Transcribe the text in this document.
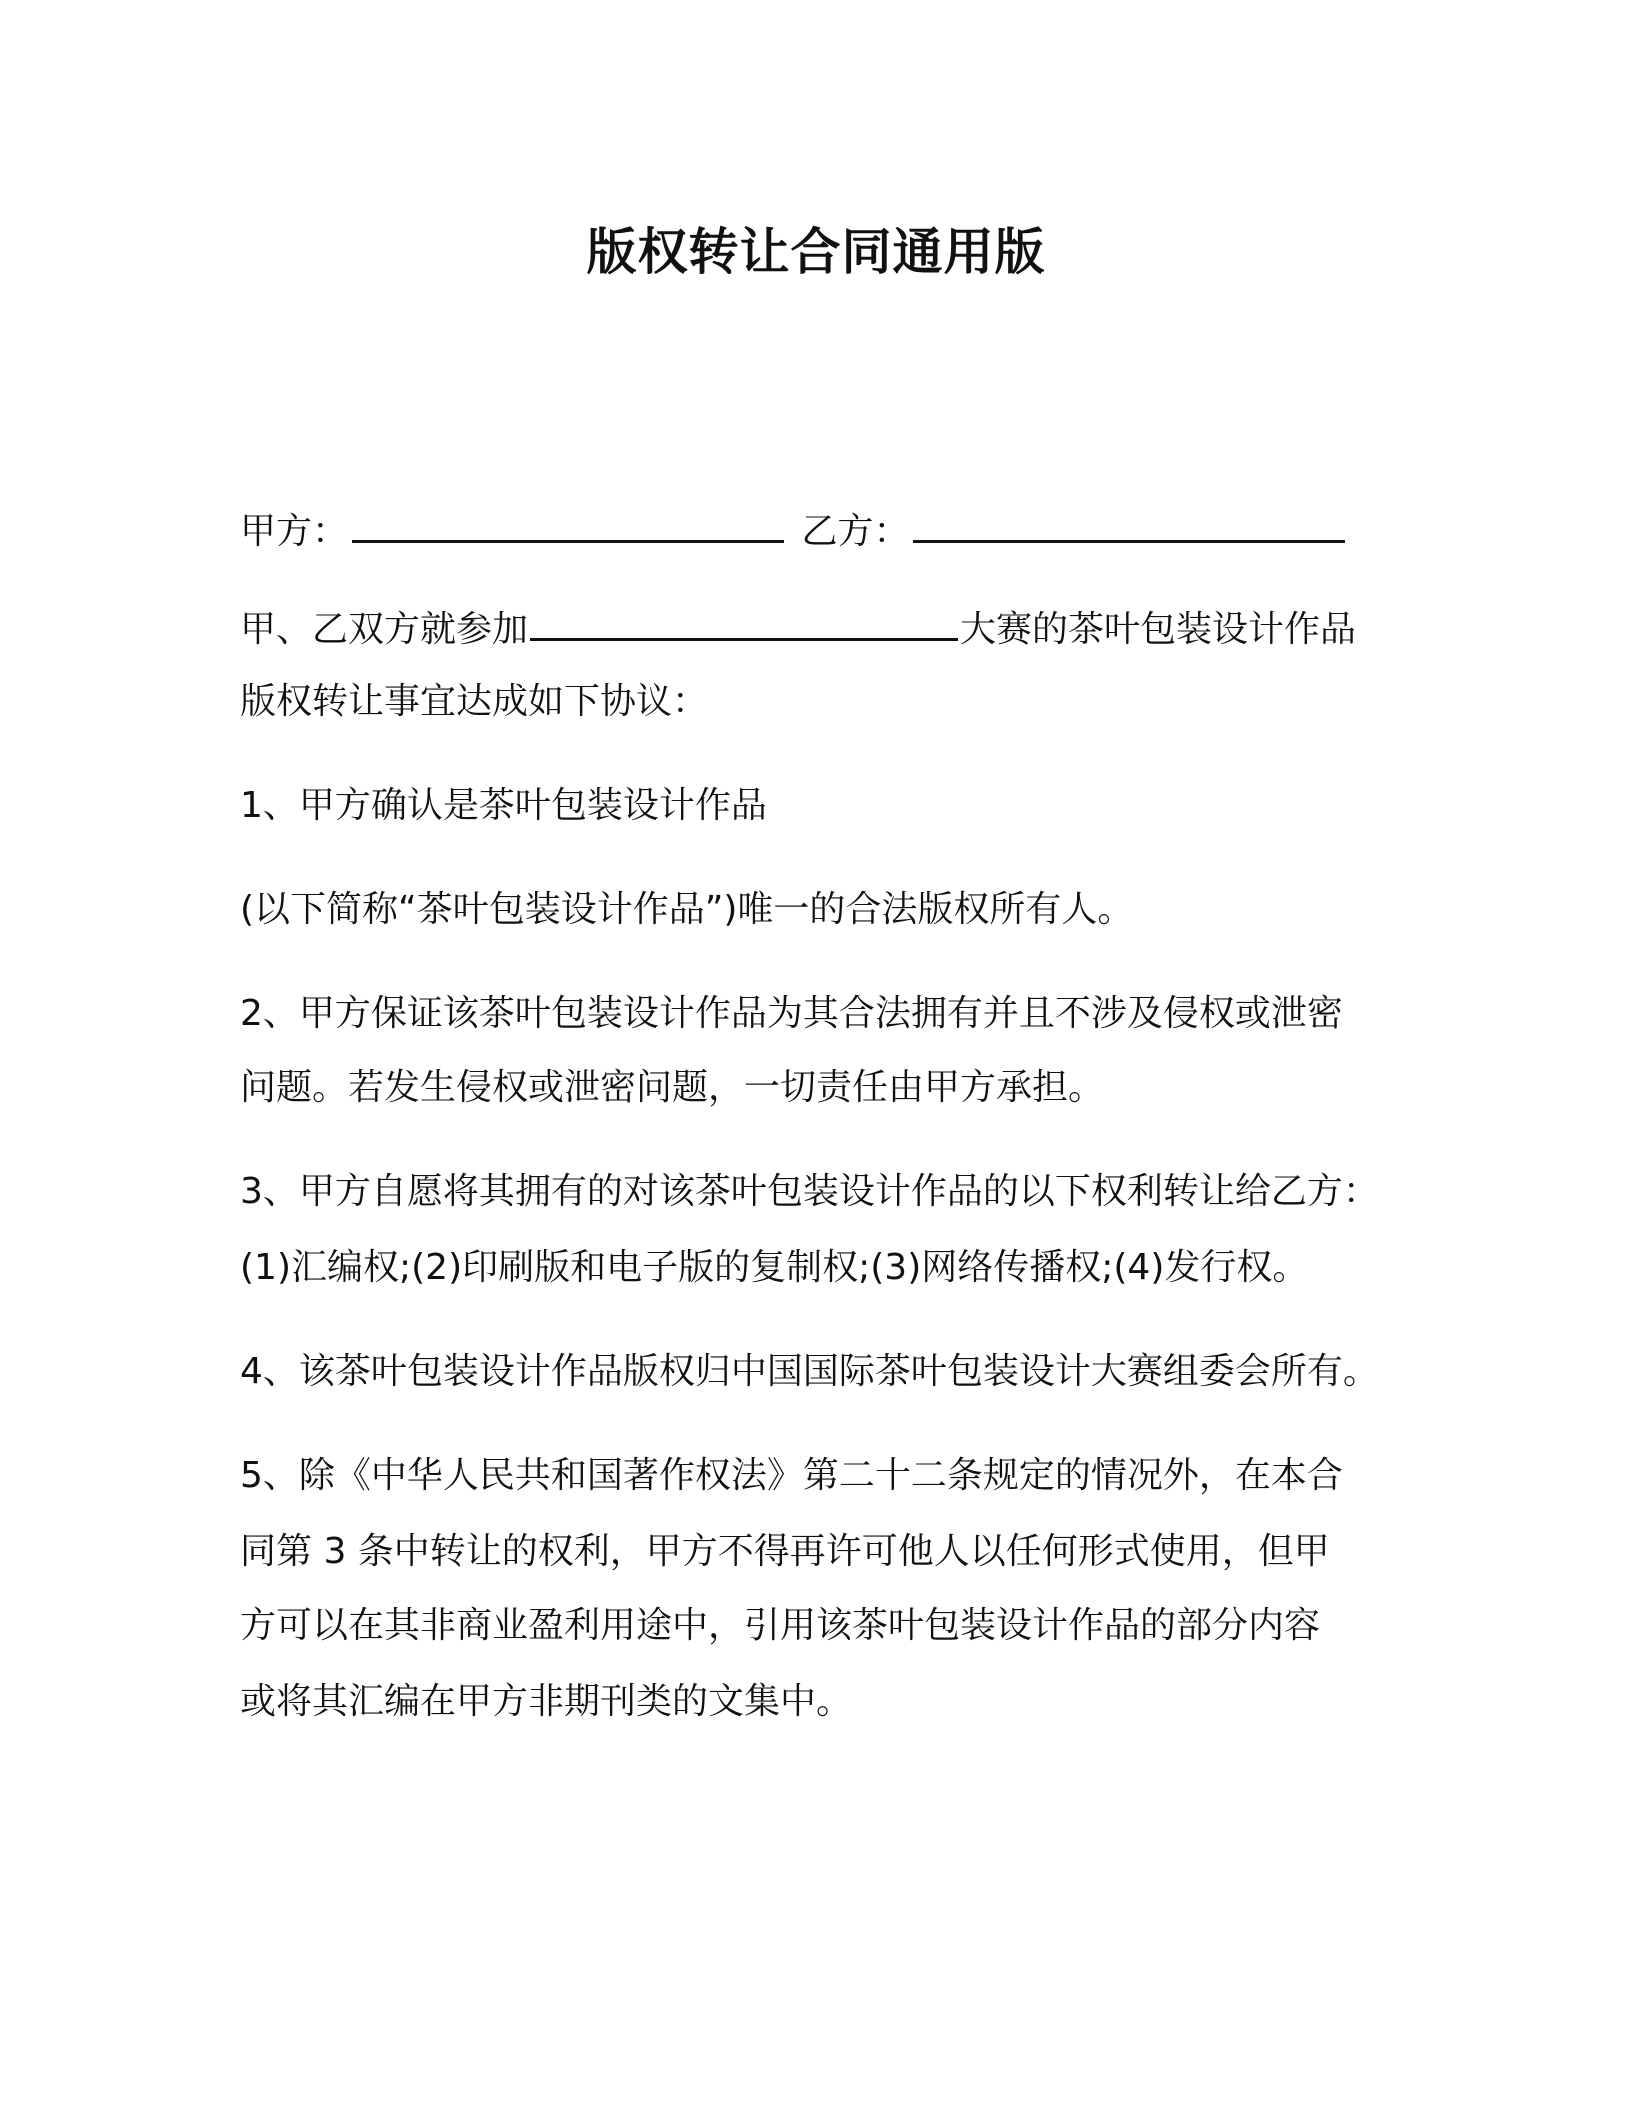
版权转让合同通用版
甲方：	乙方：
甲、乙双方就参加	大赛的茶叶包装设计作品
版权转让事宜达成如下协议：
1、甲方确认是茶叶包装设计作品
(以下简称“茶叶包装设计作品”)唯一的合法版权所有人。
2、甲方保证该茶叶包装设计作品为其合法拥有并且不涉及侵权或泄密
问题。若发生侵权或泄密问题，一切责任由甲方承担。
3、甲方自愿将其拥有的对该茶叶包装设计作品的以下权利转让给乙方：
(1)汇编权;(2)印刷版和电子版的复制权;(3)网络传播权;(4)发行权。
4、该茶叶包装设计作品版权归中国国际茶叶包装设计大赛组委会所有。
5、除《中华人民共和国著作权法》第二十二条规定的情况外，在本合
同第 3 条中转让的权利，甲方不得再许可他人以任何形式使用，但甲
方可以在其非商业盈利用途中，引用该茶叶包装设计作品的部分内容
或将其汇编在甲方非期刊类的文集中。
